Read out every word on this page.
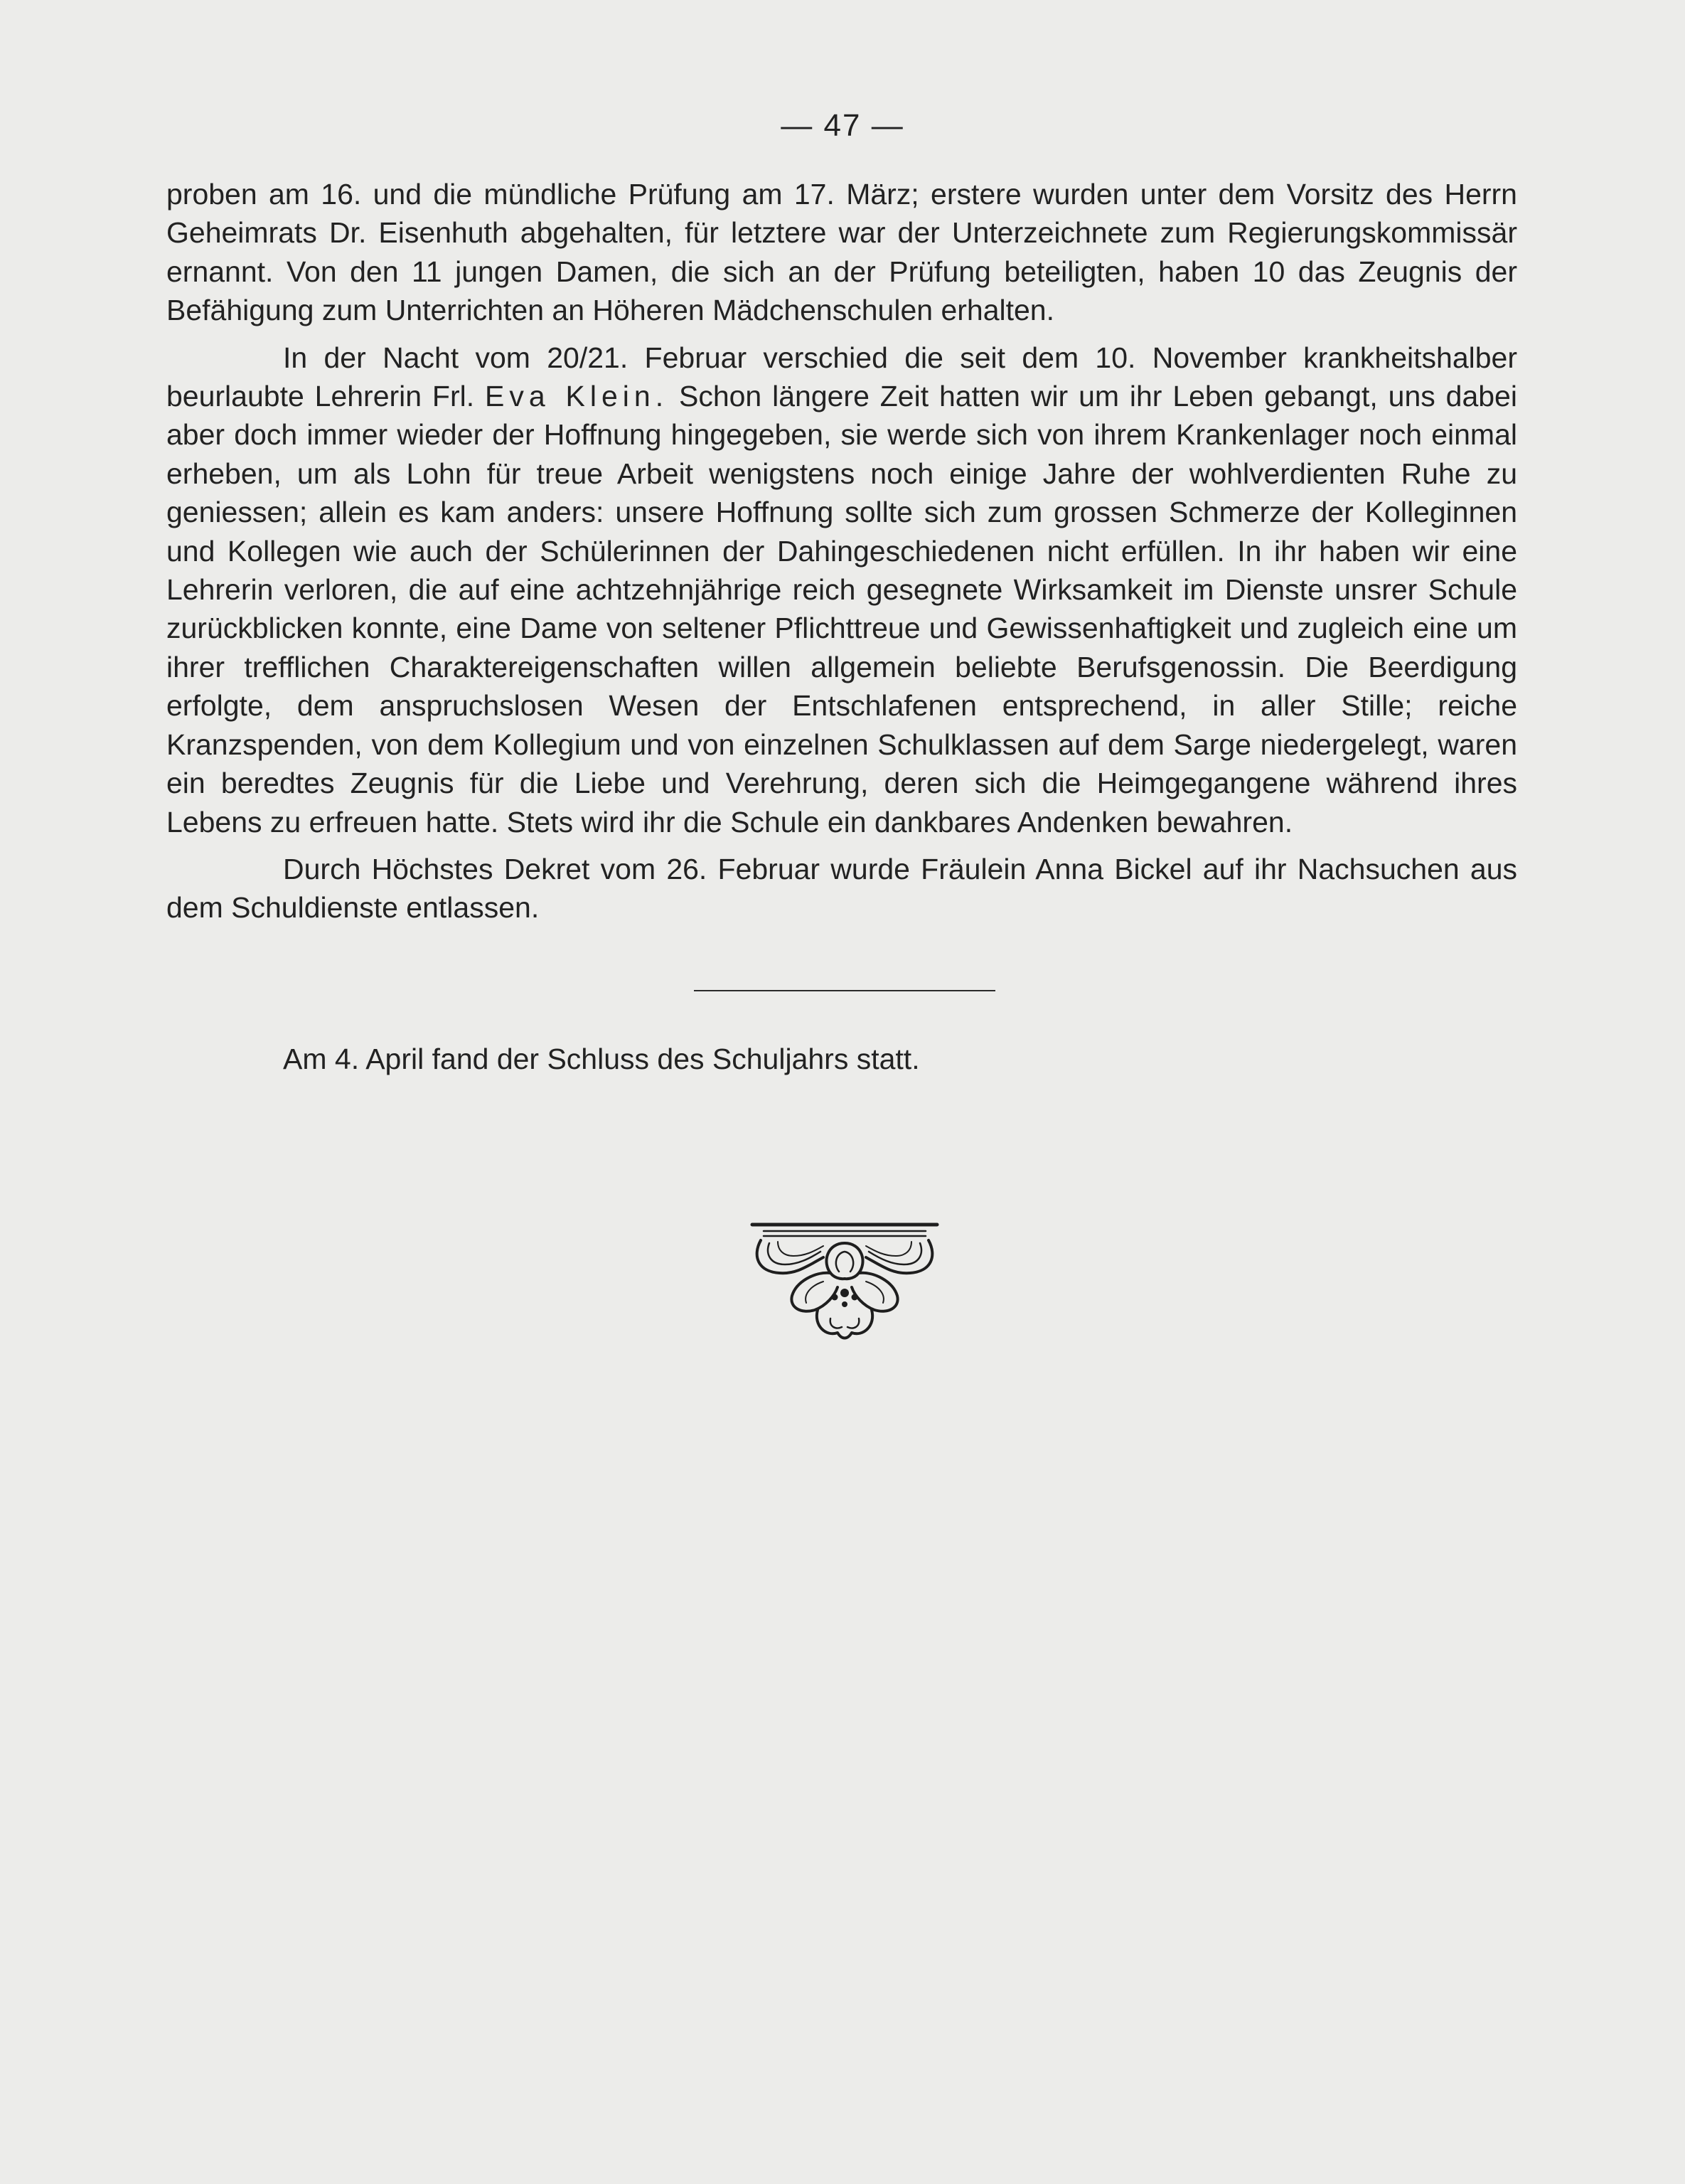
— 47 —

proben am 16. und die mündliche Prüfung am 17. März; erstere wurden unter dem Vorsitz des Herrn Geheimrats Dr. Eisenhuth abgehalten, für letztere war der Unterzeichnete zum Regierungskommissär ernannt. Von den 11 jungen Damen, die sich an der Prüfung beteiligten, haben 10 das Zeugnis der Befähigung zum Unterrichten an Höheren Mädchenschulen erhalten.

In der Nacht vom 20/21. Februar verschied die seit dem 10. November krankheitshalber beurlaubte Lehrerin Frl. Eva Klein. Schon längere Zeit hatten wir um ihr Leben gebangt, uns dabei aber doch immer wieder der Hoffnung hingegeben, sie werde sich von ihrem Krankenlager noch einmal erheben, um als Lohn für treue Arbeit wenigstens noch einige Jahre der wohlverdienten Ruhe zu geniessen; allein es kam anders: unsere Hoffnung sollte sich zum grossen Schmerze der Kolleginnen und Kollegen wie auch der Schülerinnen der Dahingeschiedenen nicht erfüllen. In ihr haben wir eine Lehrerin verloren, die auf eine achtzehnjährige reich gesegnete Wirksamkeit im Dienste unsrer Schule zurückblicken konnte, eine Dame von seltener Pflichttreue und Gewissenhaftigkeit und zugleich eine um ihrer trefflichen Charaktereigenschaften willen allgemein beliebte Berufsgenossin. Die Beerdigung erfolgte, dem anspruchslosen Wesen der Entschlafenen entsprechend, in aller Stille; reiche Kranzspenden, von dem Kollegium und von einzelnen Schulklassen auf dem Sarge niedergelegt, waren ein beredtes Zeugnis für die Liebe und Verehrung, deren sich die Heimgegangene während ihres Lebens zu erfreuen hatte. Stets wird ihr die Schule ein dankbares Andenken bewahren.

Durch Höchstes Dekret vom 26. Februar wurde Fräulein Anna Bickel auf ihr Nachsuchen aus dem Schuldienste entlassen.

Am 4. April fand der Schluss des Schuljahrs statt.
